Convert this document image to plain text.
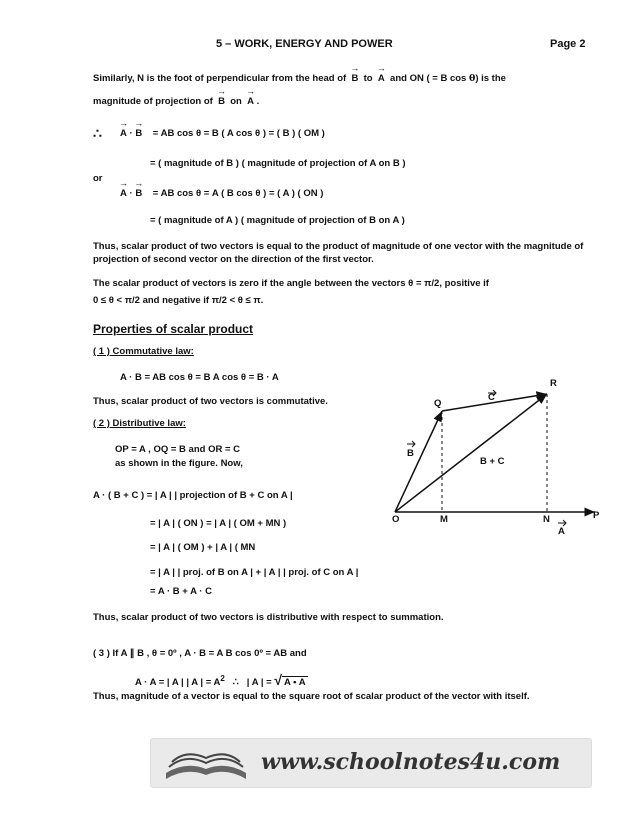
5 – WORK, ENERGY AND POWER	Page 2
Similarly, N is the foot of perpendicular from the head of → B to → A and ON ( = B cos θ) is the
magnitude of projection of → B on → A .
∴ → A · → B = AB cos θ = B ( A cos θ ) = ( B ) ( OM )
= ( magnitude of B ) ( magnitude of projection of A on B )
or
→ A · → B = AB cos θ = A ( B cos θ ) = ( A ) ( ON )
= ( magnitude of A ) ( magnitude of projection of B on A )
Thus, scalar product of two vectors is equal to the product of magnitude of one vector with the magnitude of projection of second vector on the direction of the first vector.
The scalar product of vectors is zero if the angle between the vectors θ = π/2, positive if
0 ≤ θ < π/2 and negative if π/2 < θ ≤ π.
Properties of scalar product
( 1 ) Commutative law:
A · B = AB cos θ = B A cos θ = B · A
Thus, scalar product of two vectors is commutative.
( 2 ) Distributive law:
OP = A , OQ = B and OR = C
as shown in the figure. Now,
A · ( B + C ) = | A | | projection of B + C on A |
= | A | ( ON ) = | A | ( OM + MN )
= | A | ( OM ) + | A | ( MN
= | A | | proj. of B on A | + | A | | proj. of C on A |
= A · B + A · C
Thus, scalar product of two vectors is distributive with respect to summation.
( 3 ) If A ∥ B , θ = 0º , A · B = A B cos 0º = AB and
A · A = | A | | A | = $A^2$ ∴ | A | = √ A • A
Thus, magnitude of a vector is equal to the square root of scalar product of the vector with itself.
O	M	N	P
Q
R
A
B
C
B + C
www.schoolnotes4u.com
